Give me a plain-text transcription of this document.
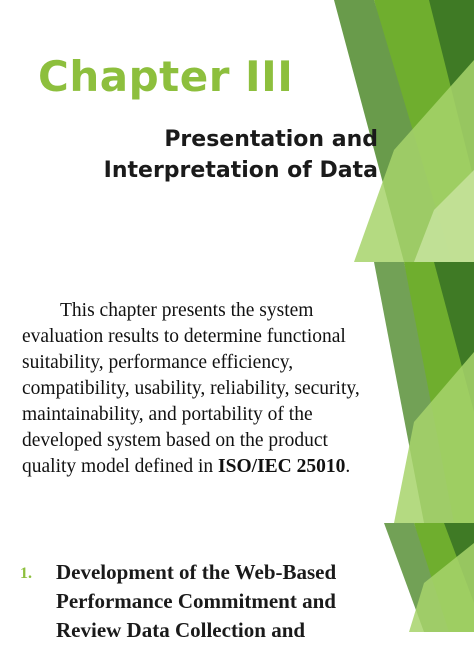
Chapter III
Presentation and
Interpretation of Data

This chapter presents the system
evaluation results to determine functional
suitability, performance efficiency,
compatibility, usability, reliability, security,
maintainability, and portability of the
developed system based on the product
quality model defined in ISO/IEC 25010.

1. Development of the Web-Based
Performance Commitment and
Review Data Collection and
